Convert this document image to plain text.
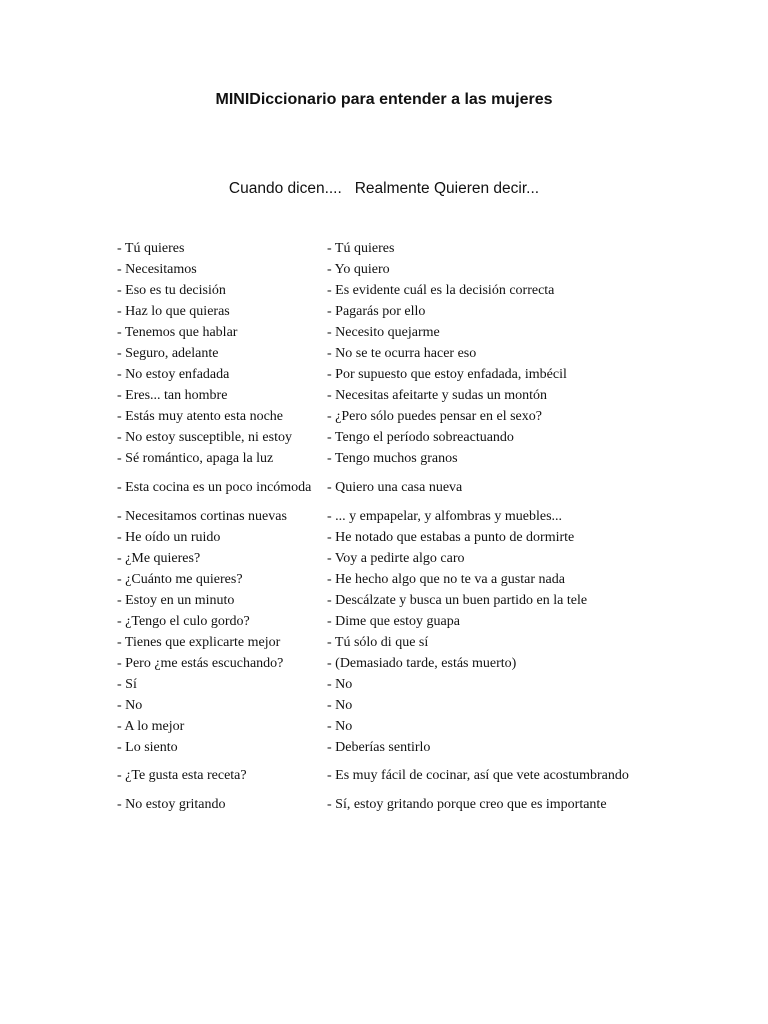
MINIDiccionario para entender a las mujeres
Cuando dicen.... Realmente Quieren decir...
- Tú quieres	- Tú quieres
- Necesitamos	- Yo quiero
- Eso es tu decisión	- Es evidente cuál es la decisión correcta
- Haz lo que quieras	- Pagarás por ello
- Tenemos que hablar	- Necesito quejarme
- Seguro, adelante	- No se te ocurra hacer eso
- No estoy enfadada	- Por supuesto que estoy enfadada, imbécil
- Eres... tan hombre	- Necesitas afeitarte y sudas un montón
- Estás muy atento esta noche	- ¿Pero sólo puedes pensar en el sexo?
- No estoy susceptible, ni estoy	- Tengo el período sobreactuando
- Sé romántico, apaga la luz	- Tengo muchos granos
- Esta cocina es un poco incómoda	- Quiero una casa nueva
- Necesitamos cortinas nuevas	- ... y empapelar, y alfombras y muebles...
- He oído un ruido	- He notado que estabas a punto de dormirte
- ¿Me quieres?	- Voy a pedirte algo caro
- ¿Cuánto me quieres?	- He hecho algo que no te va a gustar nada
- Estoy en un minuto	- Descálzate y busca un buen partido en la tele
- ¿Tengo el culo gordo?	- Dime que estoy guapa
- Tienes que explicarte mejor	- Tú sólo di que sí
- Pero ¿me estás escuchando?	- (Demasiado tarde, estás muerto)
- Sí	- No
- No	- No
- A lo mejor	- No
- Lo siento	- Deberías sentirlo
- ¿Te gusta esta receta?	- Es muy fácil de cocinar, así que vete acostumbrando
- No estoy gritando	- Sí, estoy gritando porque creo que es importante
